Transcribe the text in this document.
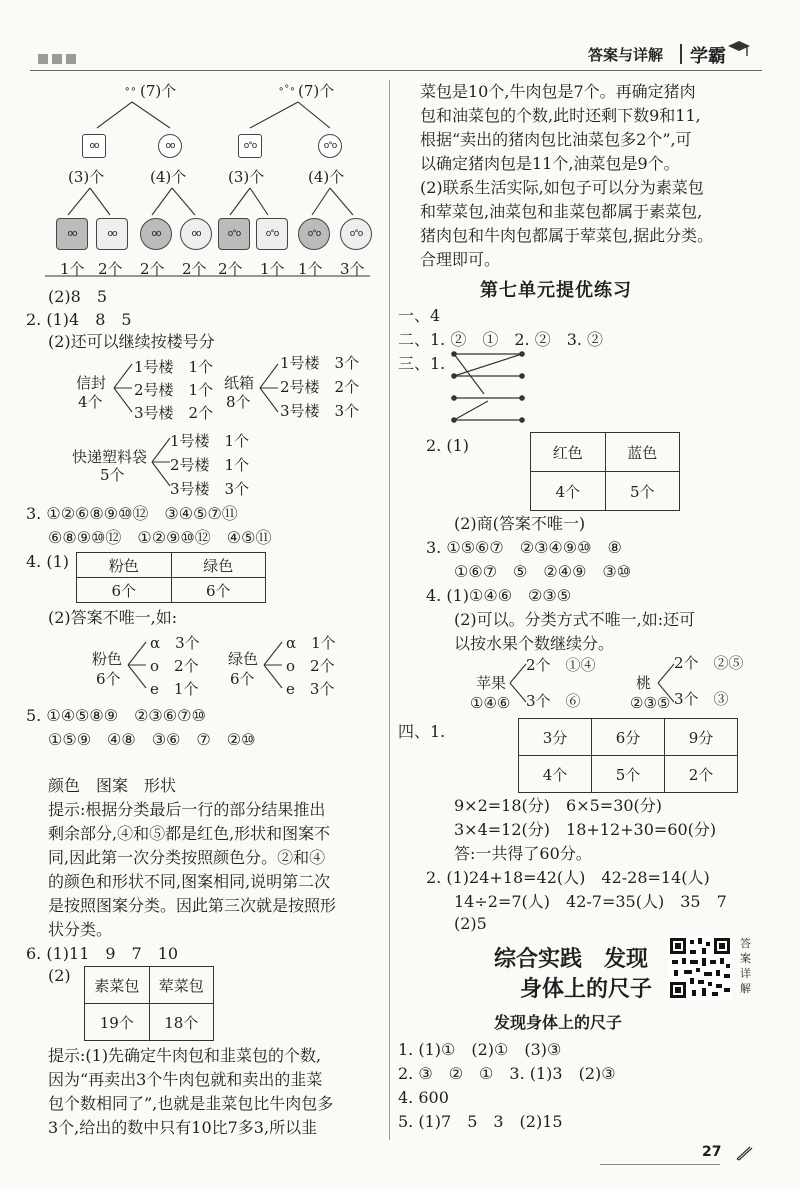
答案与详解 学霸
∘∘ (7)个	∘°∘ (7)个
oo	oo	o°o	o°o
(3)个	(4)个	(3)个	(4)个
oo	oo	oo	oo	o°o	o°o	o°o	o°o
1个 2个 2个 2个 2个 1个 1个 3个
(2)8　5
2. (1)4　8　5
(2)还可以继续按楼号分
信封
4个
1号楼　1个
2号楼　1个
3号楼　2个
纸箱
8个
1号楼　3个
2号楼　2个
3号楼　3个
快递塑料袋
5个
1号楼　1个
2号楼　1个
3号楼　3个
3. ①②⑥⑧⑨⑩⑫　③④⑤⑦⑪
⑥⑧⑨⑩⑫　①②⑨⑩⑫　④⑤⑪
4. (1)	粉色	绿色
6个	6个
(2)答案不唯一,如:
粉色
6个
α　3个
ο　2个
e　1个
绿色
6个
α　1个
ο　2个
e　3个
5. ①④⑤⑧⑨　②③⑥⑦⑩
①⑤⑨　④⑧　③⑥　⑦　②⑩
颜色　图案　形状
提示:根据分类最后一行的部分结果推出
剩余部分,④和⑤都是红色,形状和图案不
同,因此第一次分类按照颜色分。②和④
的颜色和形状不同,图案相同,说明第二次
是按照图案分类。因此第三次就是按照形
状分类。
6. (1)11　9　7　10
(2)
素菜包	荤菜包
19个	18个
提示:(1)先确定牛肉包和韭菜包的个数,
因为“再卖出3个牛肉包就和卖出的韭菜
包个数相同了”,也就是韭菜包比牛肉包多
3个,给出的数中只有10比7多3,所以韭
菜包是10个,牛肉包是7个。再确定猪肉
包和油菜包的个数,此时还剩下数9和11,
根据“卖出的猪肉包比油菜包多2个”,可
以确定猪肉包是11个,油菜包是9个。
(2)联系生活实际,如包子可以分为素菜包
和荤菜包,油菜包和韭菜包都属于素菜包,
猪肉包和牛肉包都属于荤菜包,据此分类。
合理即可。
第七单元提优练习
一、4
二、1. ②　①　2. ②　3. ②
三、1.
2. (1)	红色	蓝色
4个	5个
(2)商(答案不唯一)
3. ①⑤⑥⑦　②③④⑨⑩　⑧
①⑥⑦　⑤　②④⑨　③⑩
4. (1)①④⑥　②③⑤
(2)可以。分类方式不唯一,如:还可
以按水果个数继续分。
苹果
①④⑥
2个　①④
3个　⑥
桃
②③⑤
2个　②⑤
3个　③
四、1.	3分	6分	9分
4个	5个	2个
9×2=18(分)　6×5=30(分)
3×4=12(分)　18+12+30=60(分)
答:一共得了60分。
2. (1)24+18=42(人)　42-28=14(人)
14÷2=7(人)　42-7=35(人)　35　7
(2)5
综合实践　发现
身体上的尺子
答案详解
发现身体上的尺子
1. (1)①　(2)①　(3)③
2. ③　②　①　3. (1)3　(2)③
4. 600
5. (1)7　5　3　(2)15
27
